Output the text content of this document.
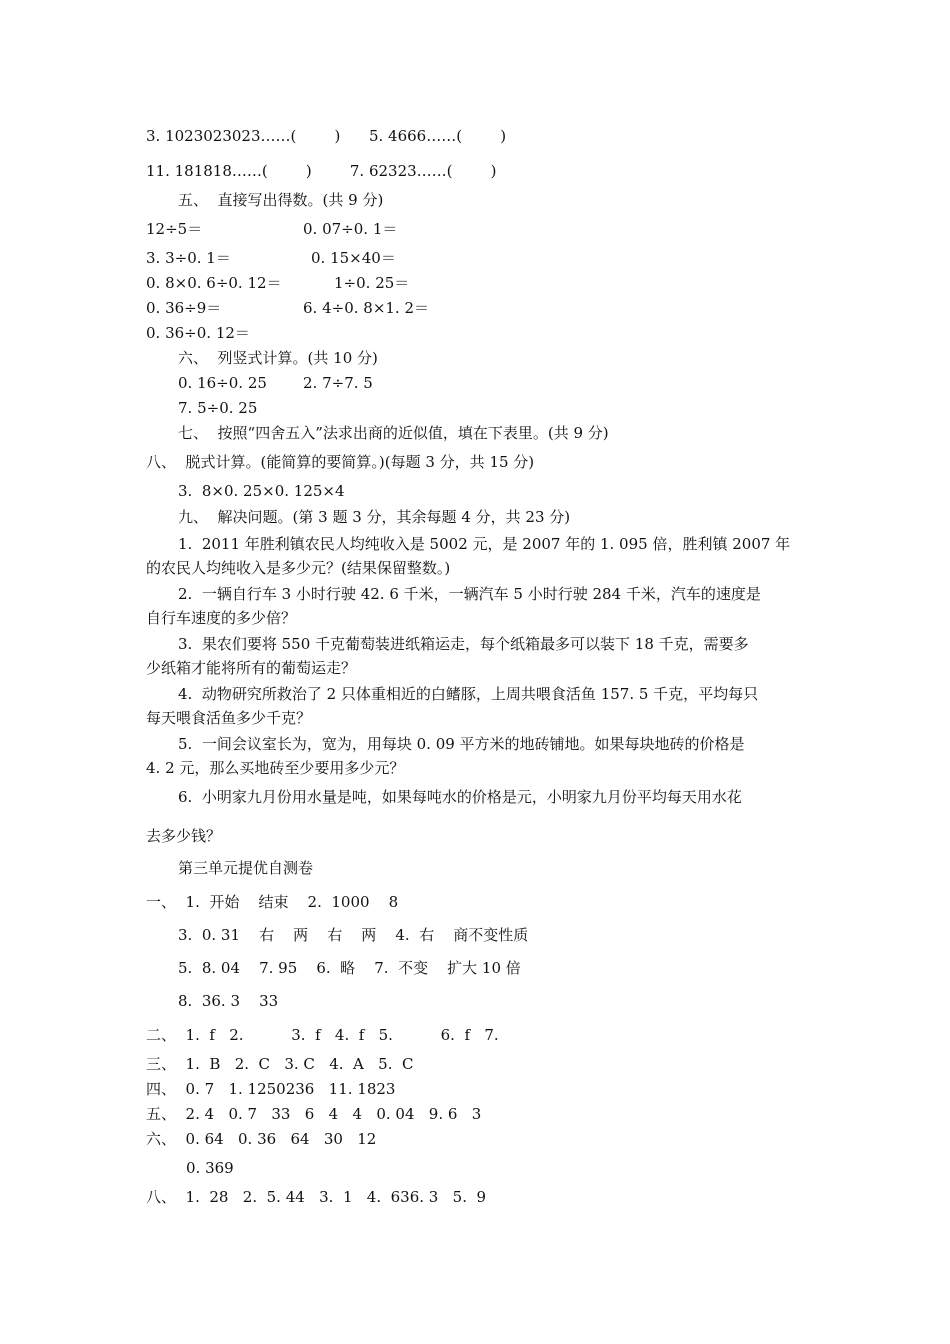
3. 1023023023……(        )      5. 4666……(        )
11. 181818……(        )        7. 62323……(        )
五、  直接写出得数。(共 9 分)
12÷5＝	0. 07÷0. 1＝
3. 3÷0. 1＝	0. 15×40＝
0. 8×0. 6÷0. 12＝	1÷0. 25＝
0. 36÷9＝	6. 4÷0. 8×1. 2＝
0. 36÷0. 12＝
六、  列竖式计算。(共 10 分)
0. 16÷0. 25 2. 7÷7. 5
7. 5÷0. 25
七、  按照“四舍五入”法求出商的近似值，填在下表里。(共 9 分)
八、  脱式计算。(能简算的要简算。)(每题 3 分，共 15 分)
3.  8×0. 25×0. 125×4
九、  解决问题。(第 3 题 3 分，其余每题 4 分，共 23 分)
1.  2011 年胜利镇农民人均纯收入是 5002 元，是 2007 年的 1. 095 倍，胜利镇 2007 年
的农民人均纯收入是多少元？(结果保留整数。)
2.  一辆自行车 3 小时行驶 42. 6 千米，一辆汽车 5 小时行驶 284 千米，汽车的速度是
自行车速度的多少倍？
3.  果农们要将 550 千克葡萄装进纸箱运走，每个纸箱最多可以装下 18 千克，需要多
少纸箱才能将所有的葡萄运走？
4.  动物研究所救治了 2 只体重相近的白鳍豚，上周共喂食活鱼 157. 5 千克，平均每只
每天喂食活鱼多少千克？
5.  一间会议室长为，宽为，用每块 0. 09 平方米的地砖铺地。如果每块地砖的价格是
4. 2 元，那么买地砖至少要用多少元？
6.  小明家九月份用水量是吨，如果每吨水的价格是元，小明家九月份平均每天用水花
去多少钱？
第三单元提优自测卷
一、  1.  开始    结束    2.  1000    8
3.  0. 31    右    两    右    两    4.  右    商不变性质
5.  8. 04    7. 95    6.  略    7.  不变    扩大 10 倍
8.  36. 3    33
二、  1.  f   2.          3.  f   4.  f   5.          6.  f   7.
三、  1.  B   2.  C   3. C   4.  A   5.  C
四、  0. 7   1. 1250236   11. 1823
五、  2. 4   0. 7   33   6   4   4   0. 04   9. 6   3
六、  0. 64   0. 36   64   30   12
0. 369
八、  1.  28   2.  5. 44   3.  1   4.  636. 3   5.  9
